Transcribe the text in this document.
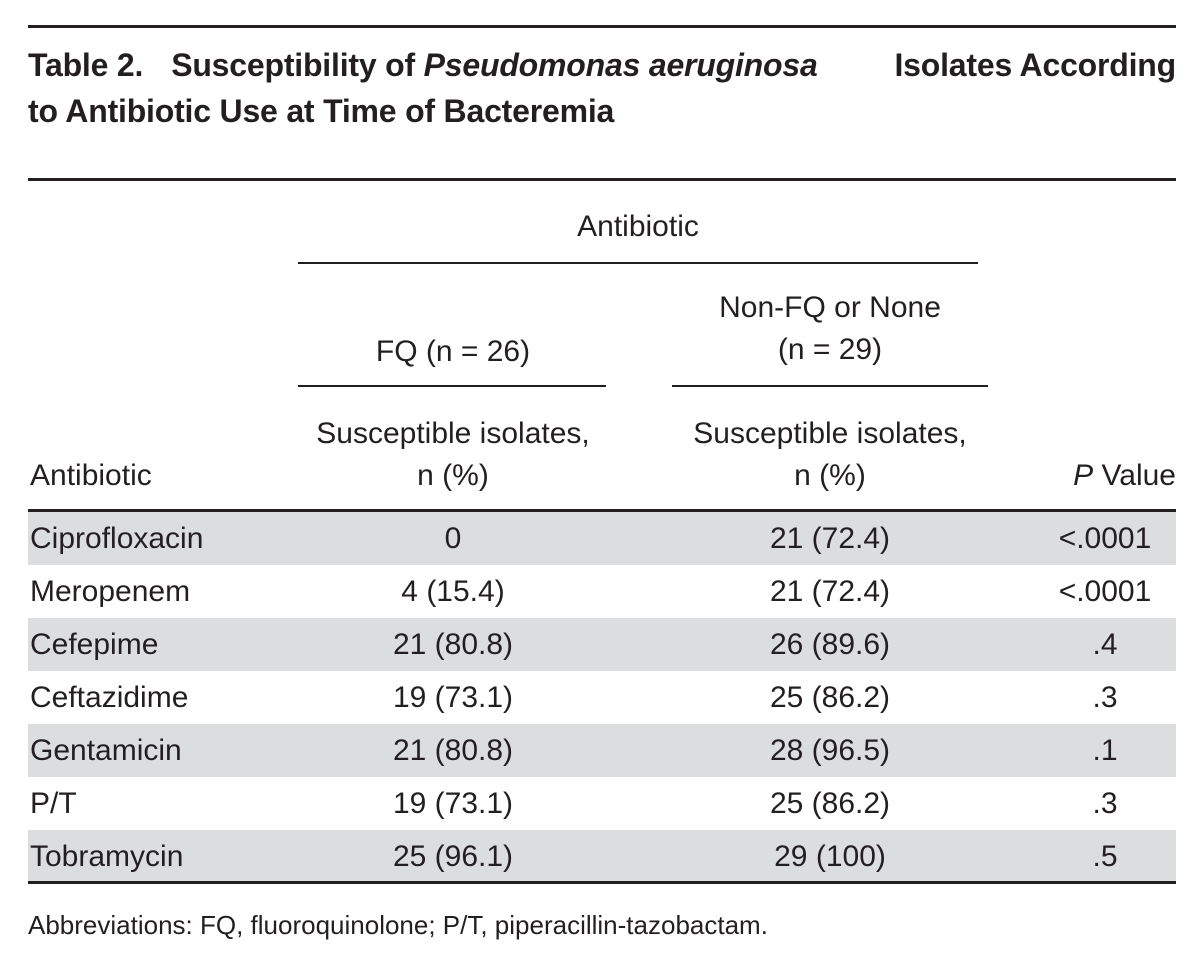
Table 2. Susceptibility of Pseudomonas aeruginosa Isolates According
to Antibiotic Use at Time of Bacteremia
Antibiotic
FQ (n = 26)
Non-FQ or None
(n = 29)
Antibiotic
Susceptible isolates,
n (%)
Susceptible isolates,
n (%)	P Value
Ciprofloxacin	0	21 (72.4)	<.0001
Meropenem	4 (15.4)	21 (72.4)	<.0001
Cefepime	21 (80.8)	26 (89.6)	.4
Ceftazidime	19 (73.1)	25 (86.2)	.3
Gentamicin	21 (80.8)	28 (96.5)	.1
P/T	19 (73.1)	25 (86.2)	.3
Tobramycin	25 (96.1)	29 (100)	.5
Abbreviations: FQ, fluoroquinolone; P/T, piperacillin-tazobactam.
